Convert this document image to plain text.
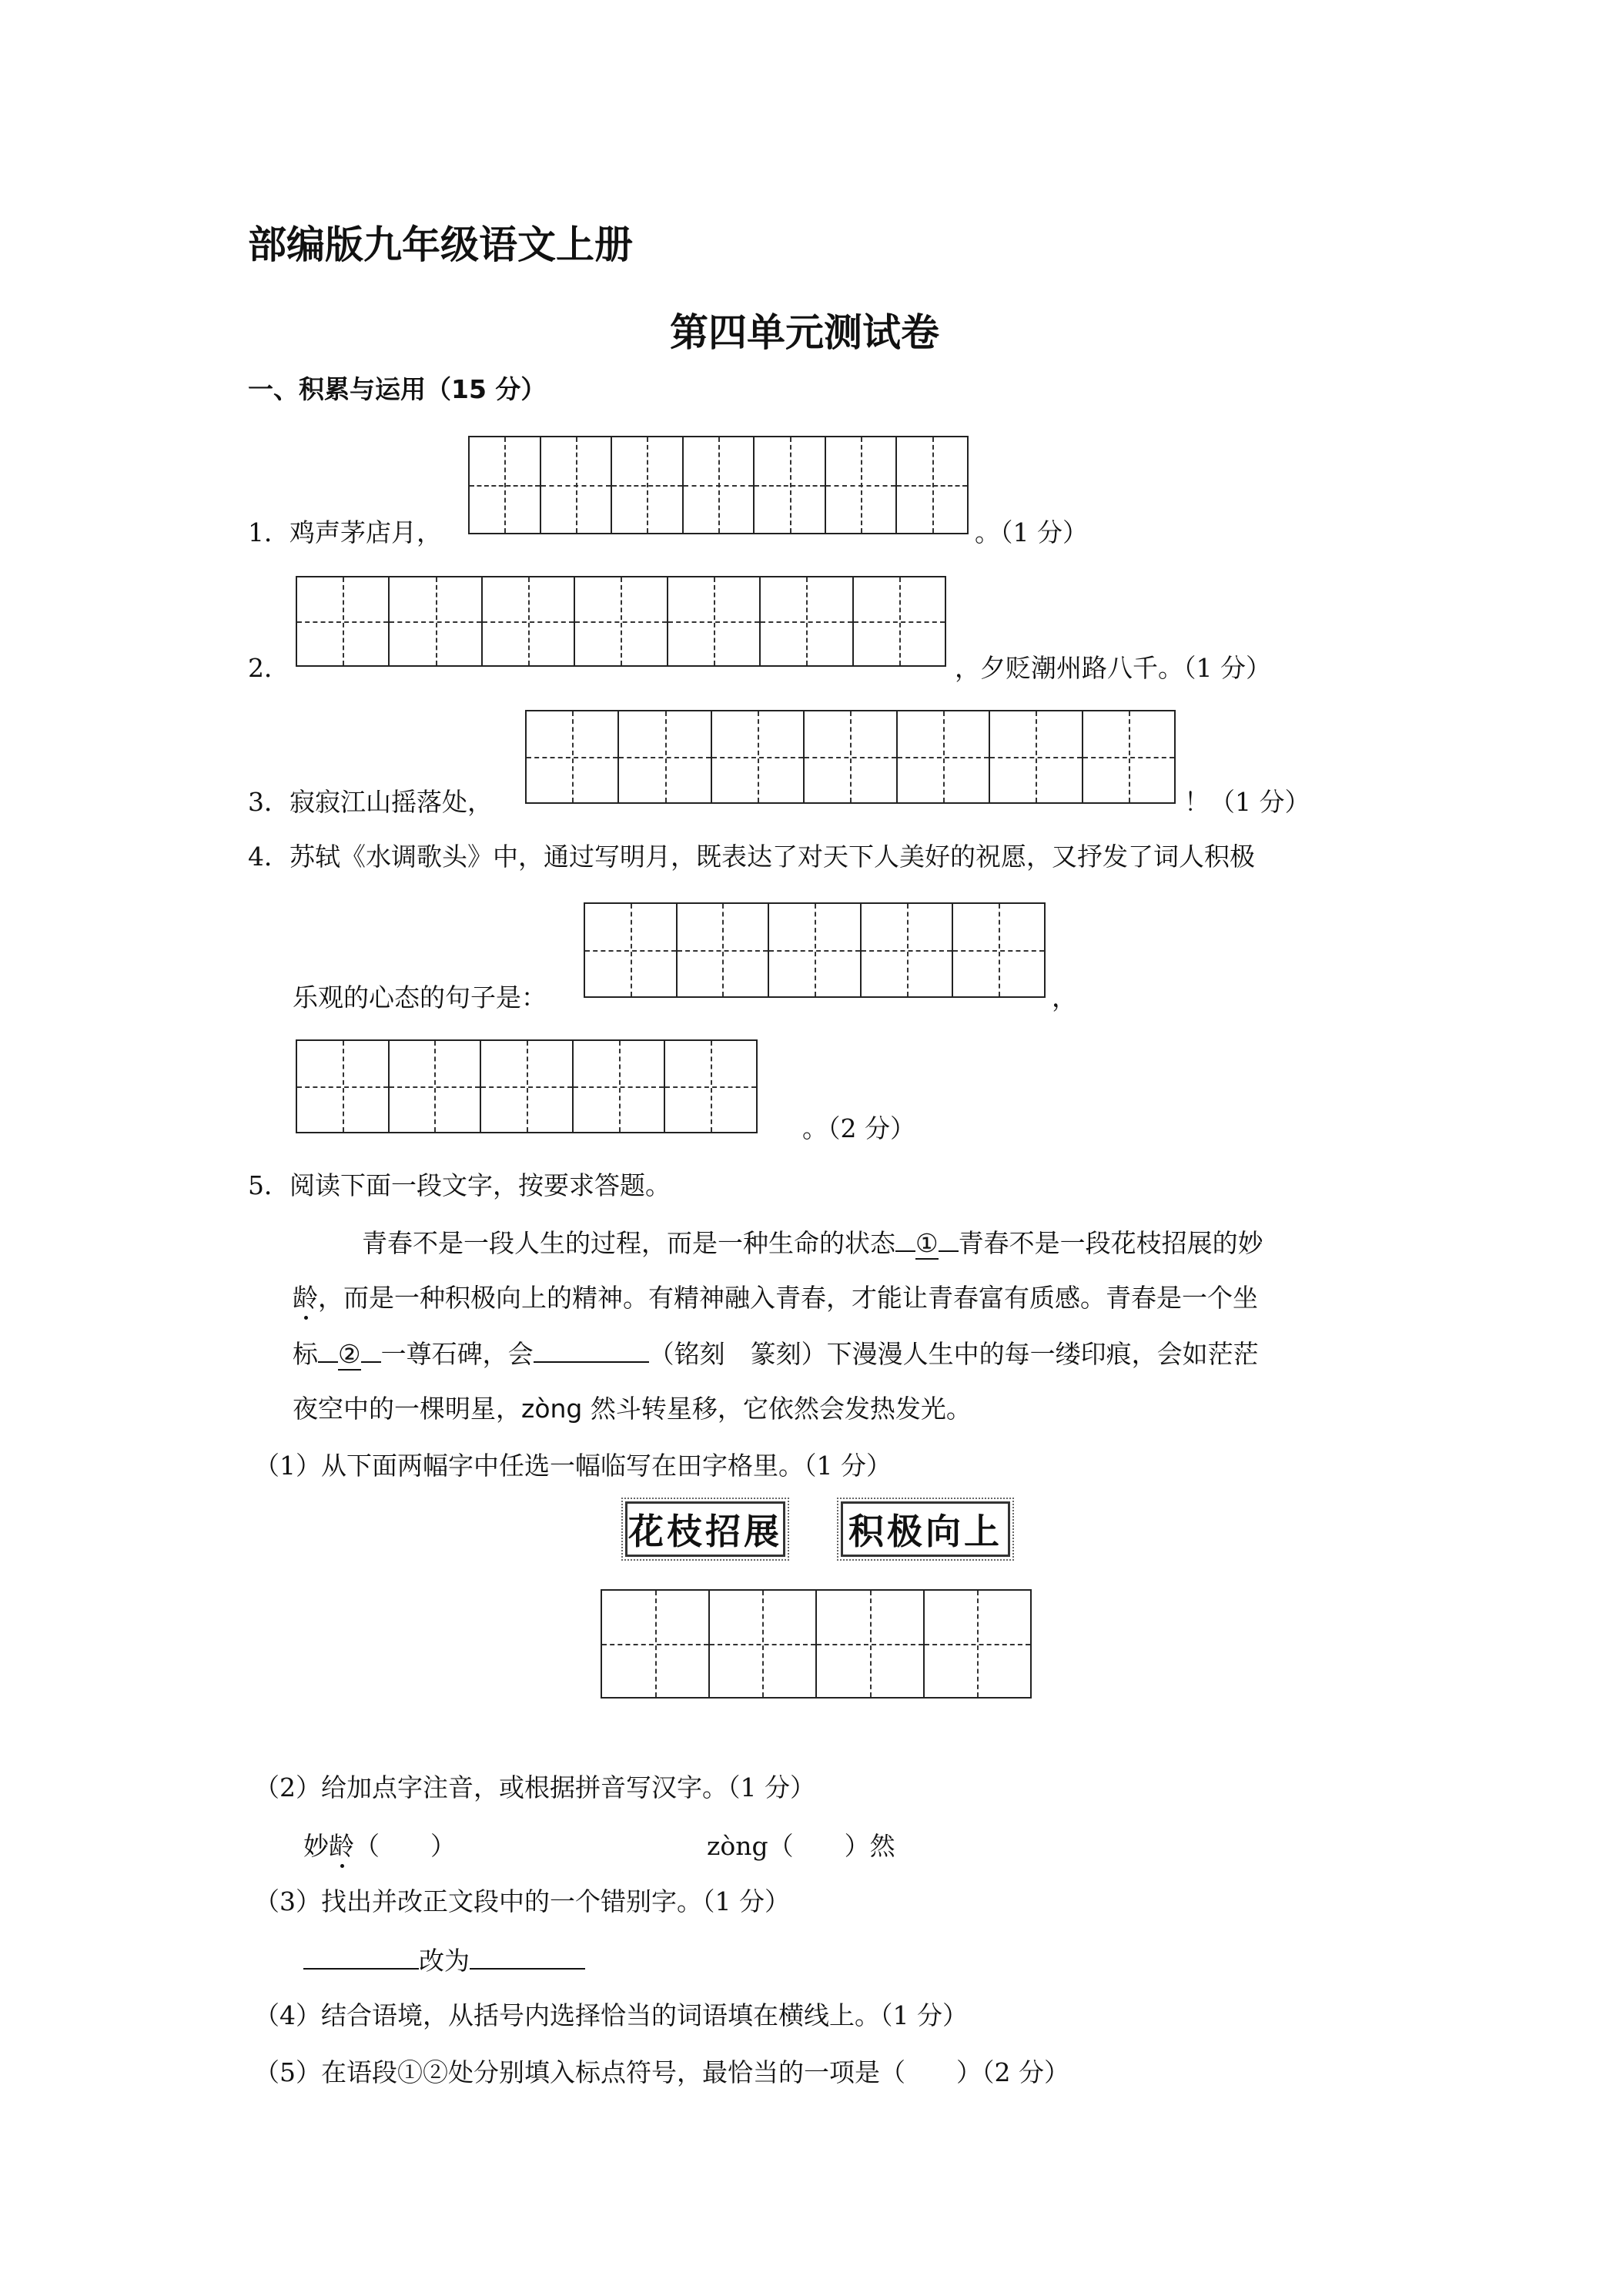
部编版九年级语文上册
第四单元测试卷
一、积累与运用（15 分）
1．鸡声茅店月，	。（1 分）
2．	，夕贬潮州路八千。（1 分）
3．寂寂江山摇落处，	！（1 分）
4．苏轼《水调歌头》中，通过写明月，既表达了对天下人美好的祝愿，又抒发了词人积极
乐观的心态的句子是：	，
。（2 分）
5．阅读下面一段文字，按要求答题。
青春不是一段人生的过程，而是一种生命的状态 ① 青春不是一段花枝招展的妙
龄，而是一种积极向上的精神。有精神融入青春，才能让青春富有质感。青春是一个坐
标 ② 一尊石碑，会	（铭刻　篆刻）下漫漫人生中的每一缕印痕，会如茫茫
夜空中的一棵明星，zòng 然斗转星移，它依然会发热发光。
（1）从下面两幅字中任选一幅临写在田字格里。（1 分）
花枝招展 积极向上
（2）给加点字注音，或根据拼音写汉字。（1 分）
妙龄（　　）	zòng（　　）然
（3）找出并改正文段中的一个错别字。（1 分）
改为
（4）结合语境，从括号内选择恰当的词语填在横线上。（1 分）
（5）在语段①②处分别填入标点符号，最恰当的一项是（　　）（2 分）
